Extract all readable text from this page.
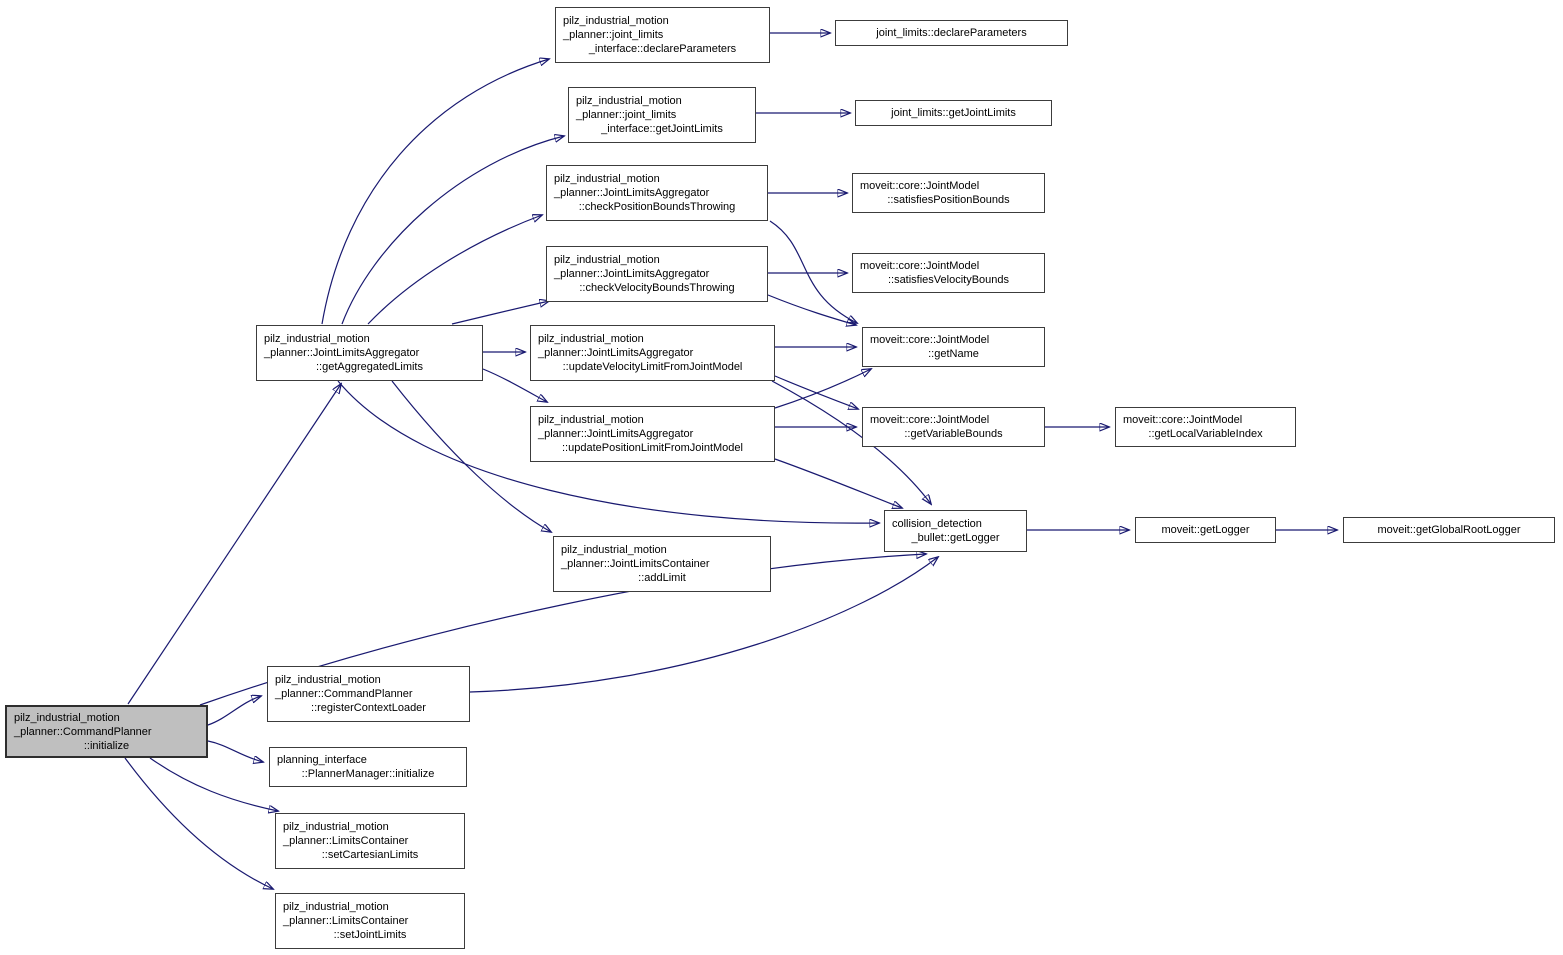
pilz_industrial_motion
_planner::joint_limits
_interface::declareParameters
joint_limits::declareParameters
pilz_industrial_motion
_planner::joint_limits
_interface::getJointLimits
joint_limits::getJointLimits
pilz_industrial_motion
_planner::JointLimitsAggregator
::checkPositionBoundsThrowing
moveit::core::JointModel
::satisfiesPositionBounds
pilz_industrial_motion
_planner::JointLimitsAggregator
::checkVelocityBoundsThrowing
moveit::core::JointModel
::satisfiesVelocityBounds
pilz_industrial_motion
_planner::JointLimitsAggregator
::getAggregatedLimits
pilz_industrial_motion
_planner::JointLimitsAggregator
::updateVelocityLimitFromJointModel
moveit::core::JointModel
::getName
pilz_industrial_motion
_planner::JointLimitsAggregator
::updatePositionLimitFromJointModel
moveit::core::JointModel
::getVariableBounds
moveit::core::JointModel
::getLocalVariableIndex
collision_detection
_bullet::getLogger
moveit::getLogger	moveit::getGlobalRootLogger
pilz_industrial_motion
_planner::JointLimitsContainer
::addLimit
pilz_industrial_motion
_planner::CommandPlanner
::initialize
pilz_industrial_motion
_planner::CommandPlanner
::registerContextLoader
planning_interface
::PlannerManager::initialize
pilz_industrial_motion
_planner::LimitsContainer
::setCartesianLimits
pilz_industrial_motion
_planner::LimitsContainer
::setJointLimits
